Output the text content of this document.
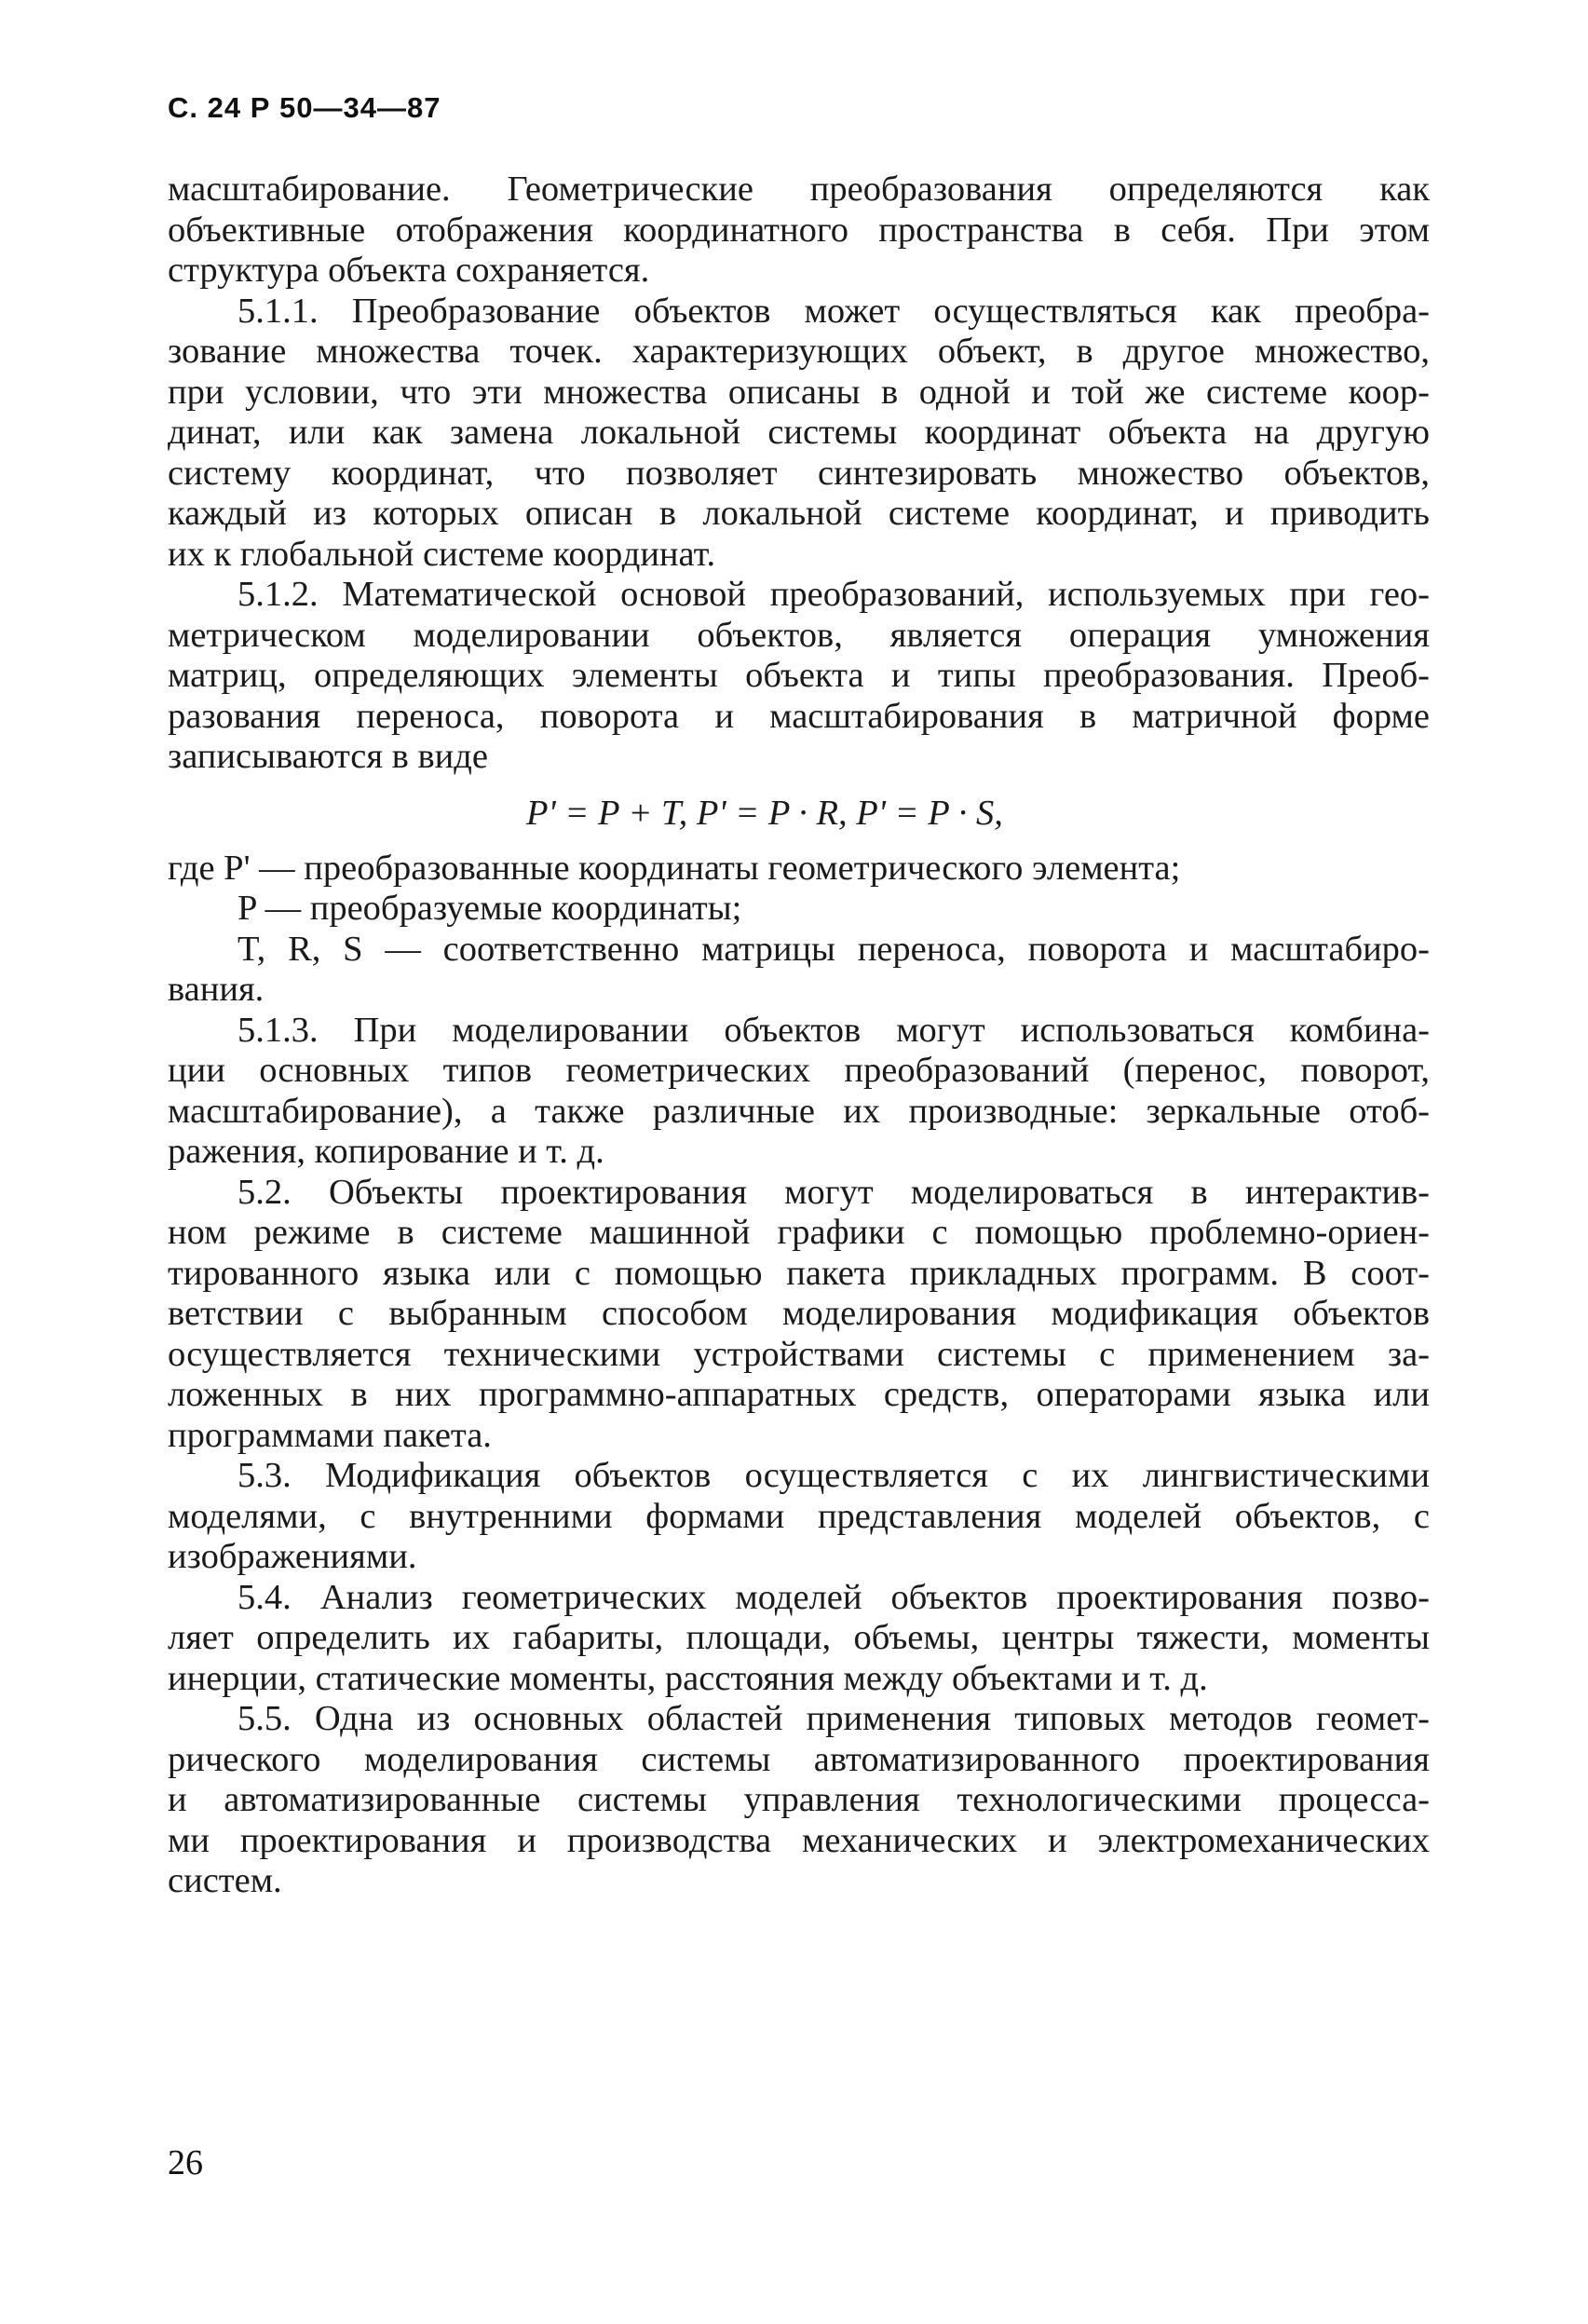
С. 24 Р 50—34—87
масштабирование. Геометрические преобразования определяются как
объективные отображения координатного пространства в себя. При этом
структура объекта сохраняется.
5.1.1. Преобразование объектов может осуществляться как преобра-
зование множества точек. характеризующих объект, в другое множество,
при условии, что эти множества описаны в одной и той же системе коор-
динат, или как замена локальной системы координат объекта на другую
систему координат, что позволяет синтезировать множество объектов,
каждый из которых описан в локальной системе координат, и приводить
их к глобальной системе координат.
5.1.2. Математической основой преобразований, используемых при гео-
метрическом моделировании объектов, является операция умножения
матриц, определяющих элементы объекта и типы преобразования. Преоб-
разования переноса, поворота и масштабирования в матричной форме
записываются в виде
P' = P + T, P' = P · R, P' = P · S,
где P' — преобразованные координаты геометрического элемента;
P — преобразуемые координаты;
T, R, S — соответственно матрицы переноса, поворота и масштабиро-
вания.
5.1.3. При моделировании объектов могут использоваться комбина-
ции основных типов геометрических преобразований (перенос, поворот,
масштабирование), а также различные их производные: зеркальные отоб-
ражения, копирование и т. д.
5.2. Объекты проектирования могут моделироваться в интерактив-
ном режиме в системе машинной графики с помощью проблемно-ориен-
тированного языка или с помощью пакета прикладных программ. В соот-
ветствии с выбранным способом моделирования модификация объектов
осуществляется техническими устройствами системы с применением за-
ложенных в них программно-аппаратных средств, операторами языка или
программами пакета.
5.3. Модификация объектов осуществляется с их лингвистическими
моделями, с внутренними формами представления моделей объектов, с
изображениями.
5.4. Анализ геометрических моделей объектов проектирования позво-
ляет определить их габариты, площади, объемы, центры тяжести, моменты
инерции, статические моменты, расстояния между объектами и т. д.
5.5. Одна из основных областей применения типовых методов геомет-
рического моделирования системы автоматизированного проектирования
и автоматизированные системы управления технологическими процесса-
ми проектирования и производства механических и электромеханических
систем.
26
